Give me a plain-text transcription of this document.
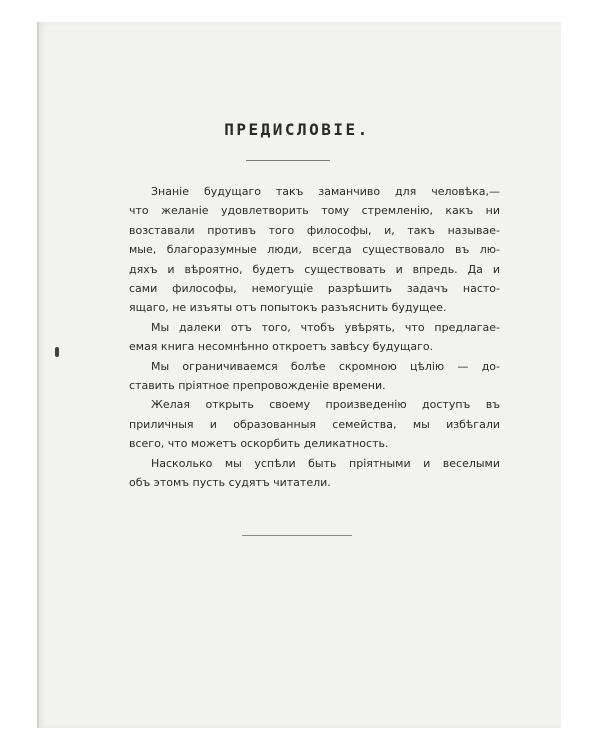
ПРЕДИСЛОВІЕ.

Знаніе будущаго такъ заманчиво для человѣка,—
что желаніе удовлетворить тому стремленію, какъ ни
возставали противъ того философы, и, такъ называе-
мые, благоразумные люди, всегда существовало въ лю-
дяхъ и вѣроятно, будетъ существовать и впредь. Да и
сами философы, немогущіе разрѣшить задачъ насто-
ящаго, не изъяты отъ попытокъ разъяснить будущее.

Мы далеки отъ того, чтобъ увѣрять, что предлагае-
емая книга несомнѣнно откроетъ завѣсу будущаго.

Мы ограничиваемся болѣе скромною цѣлію — до-
ставить пріятное препровожденіе времени.

Желая открыть своему произведенію доступъ въ
приличныя и образованныя семейства, мы избѣгали
всего, что можетъ оскорбить деликатность.

Насколько мы успѣли быть пріятными и веселыми
объ этомъ пусть судятъ читатели.
